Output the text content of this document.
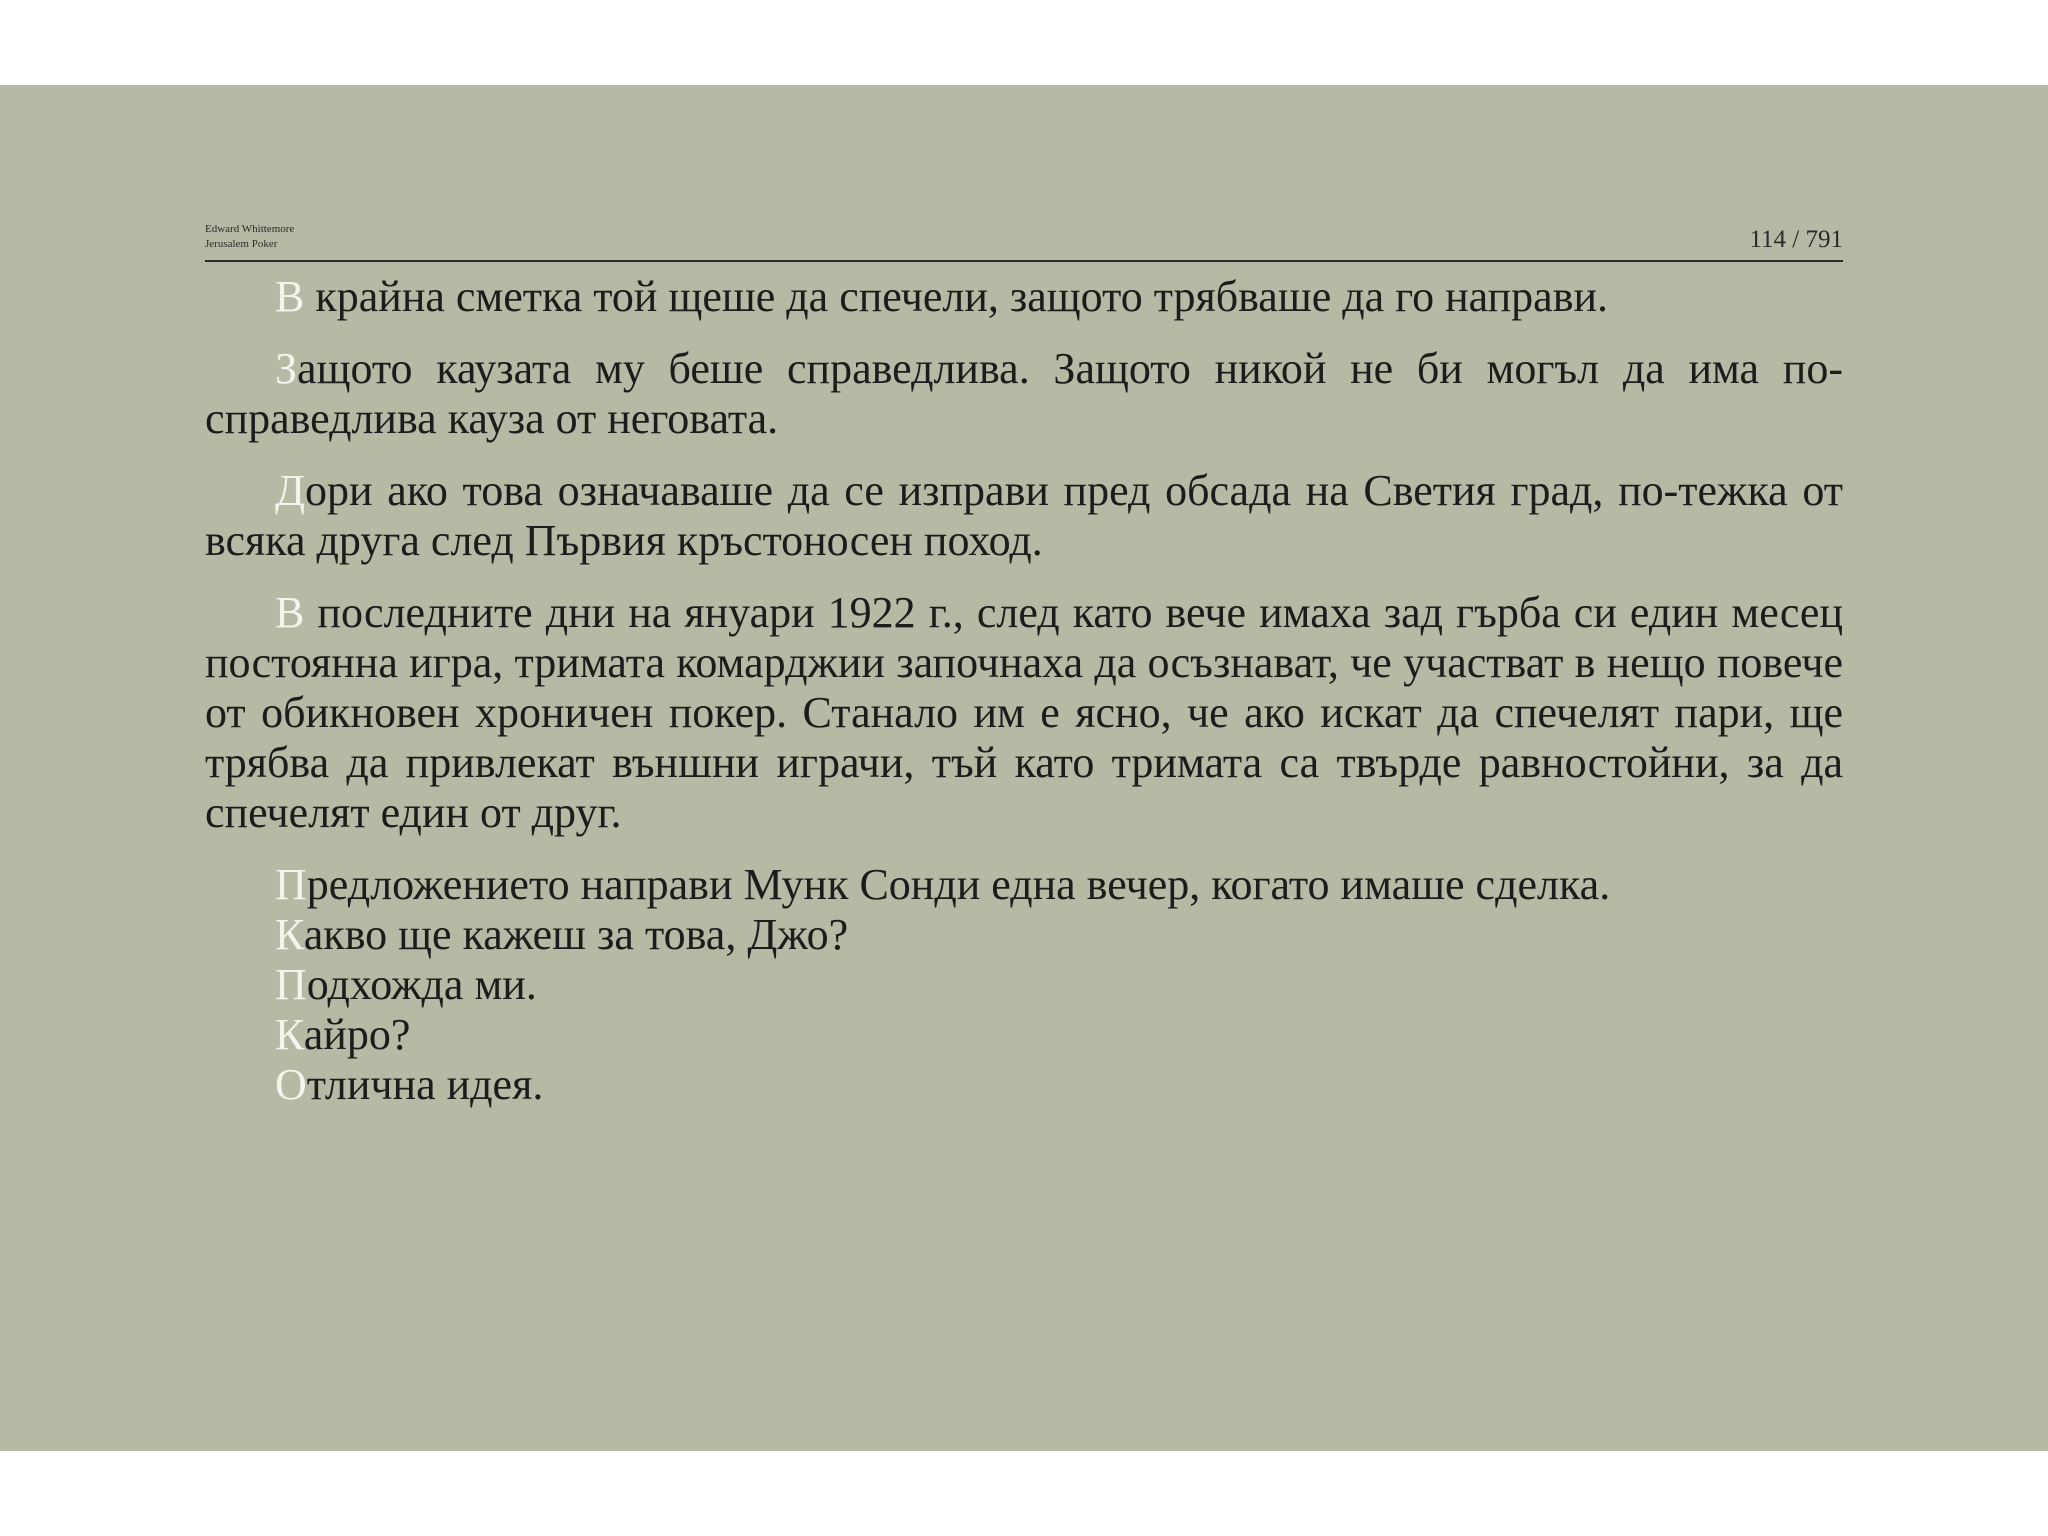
Edward Whittemore
Jerusalem Poker	114 / 791

В крайна сметка той щеше да спечели, защото трябваше да го направи.

Защото каузата му беше справедлива. Защото никой не би могъл да има по-справедлива кауза от неговата.

Дори ако това означаваше да се изправи пред обсада на Светия град, по-тежка от всяка друга след Първия кръстоносен поход.

В последните дни на януари 1922 г., след като вече имаха зад гърба си един месец постоянна игра, тримата комарджии започнаха да осъзнават, че участват в нещо повече от обикновен хроничен покер. Станало им е ясно, че ако искат да спечелят пари, ще трябва да привлекат външни играчи, тъй като тримата са твърде равностойни, за да спечелят един от друг.

Предложението направи Мунк Сонди една вечер, когато имаше сделка.

Какво ще кажеш за това, Джо?

Подхожда ми.

Кайро?

Отлична идея.
